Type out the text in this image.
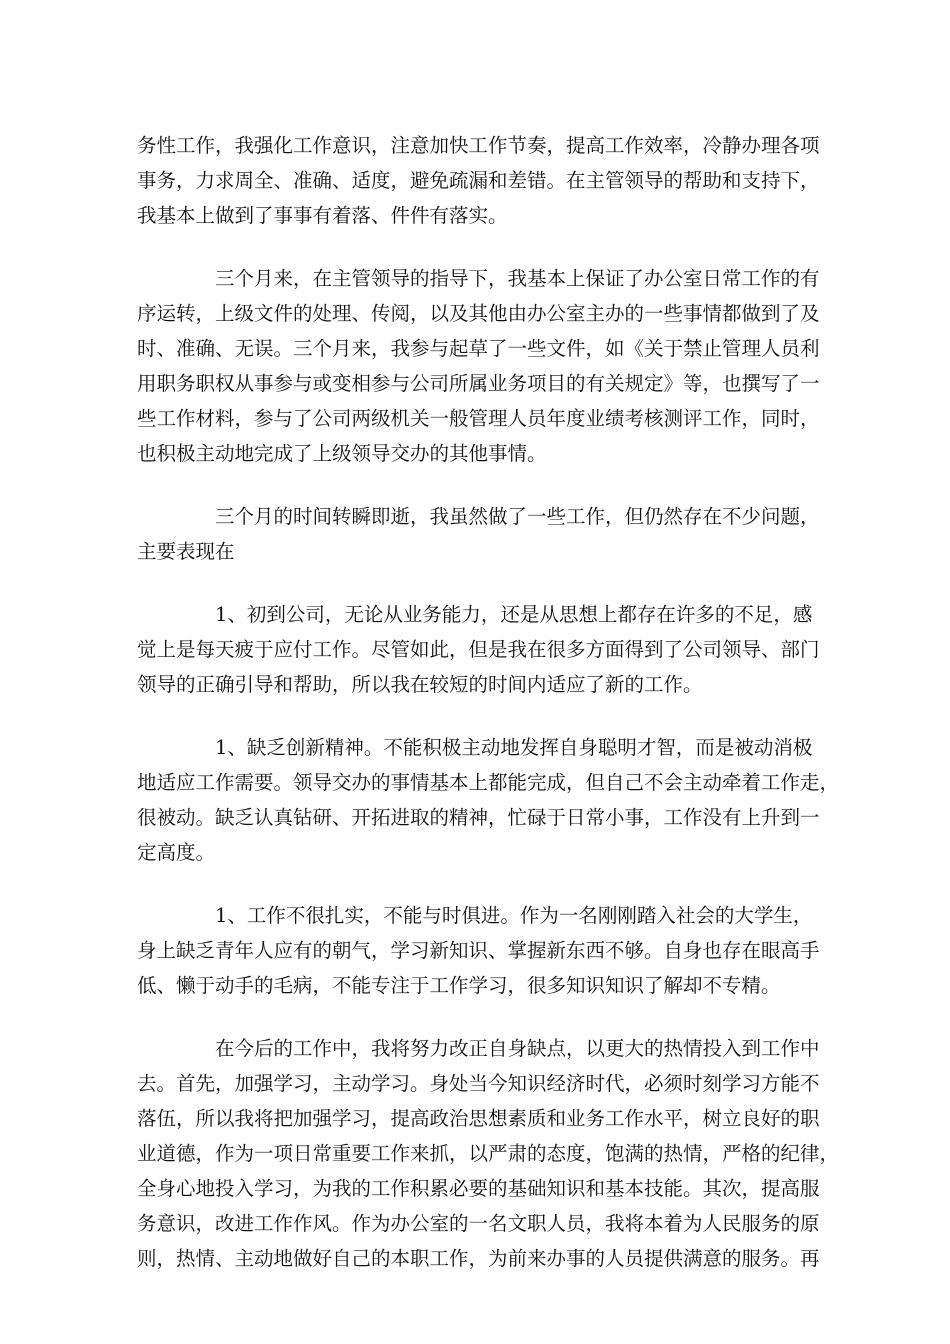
务性工作，我强化工作意识，注意加快工作节奏，提高工作效率，冷静办理各项
事务，力求周全、准确、适度，避免疏漏和差错。在主管领导的帮助和支持下，
我基本上做到了事事有着落、件件有落实。
三个月来，在主管领导的指导下，我基本上保证了办公室日常工作的有
序运转，上级文件的处理、传阅，以及其他由办公室主办的一些事情都做到了及
时、准确、无误。三个月来，我参与起草了一些文件，如《关于禁止管理人员利
用职务职权从事参与或变相参与公司所属业务项目的有关规定》等，也撰写了一
些工作材料，参与了公司两级机关一般管理人员年度业绩考核测评工作，同时，
也积极主动地完成了上级领导交办的其他事情。
三个月的时间转瞬即逝，我虽然做了一些工作，但仍然存在不少问题，
主要表现在
1、初到公司，无论从业务能力，还是从思想上都存在许多的不足，感
觉上是每天疲于应付工作。尽管如此，但是我在很多方面得到了公司领导、部门
领导的正确引导和帮助，所以我在较短的时间内适应了新的工作。
1、缺乏创新精神。不能积极主动地发挥自身聪明才智，而是被动消极
地适应工作需要。领导交办的事情基本上都能完成，但自己不会主动牵着工作走，
很被动。缺乏认真钻研、开拓进取的精神，忙碌于日常小事，工作没有上升到一
定高度。
1、工作不很扎实，不能与时俱进。作为一名刚刚踏入社会的大学生，
身上缺乏青年人应有的朝气，学习新知识、掌握新东西不够。自身也存在眼高手
低、懒于动手的毛病，不能专注于工作学习，很多知识知识了解却不专精。
在今后的工作中，我将努力改正自身缺点，以更大的热情投入到工作中
去。首先，加强学习，主动学习。身处当今知识经济时代，必须时刻学习方能不
落伍，所以我将把加强学习，提高政治思想素质和业务工作水平，树立良好的职
业道德，作为一项日常重要工作来抓，以严肃的态度，饱满的热情，严格的纪律，
全身心地投入学习，为我的工作积累必要的基础知识和基本技能。其次，提高服
务意识，改进工作作风。作为办公室的一名文职人员，我将本着为人民服务的原
则，热情、主动地做好自己的本职工作，为前来办事的人员提供满意的服务。再
